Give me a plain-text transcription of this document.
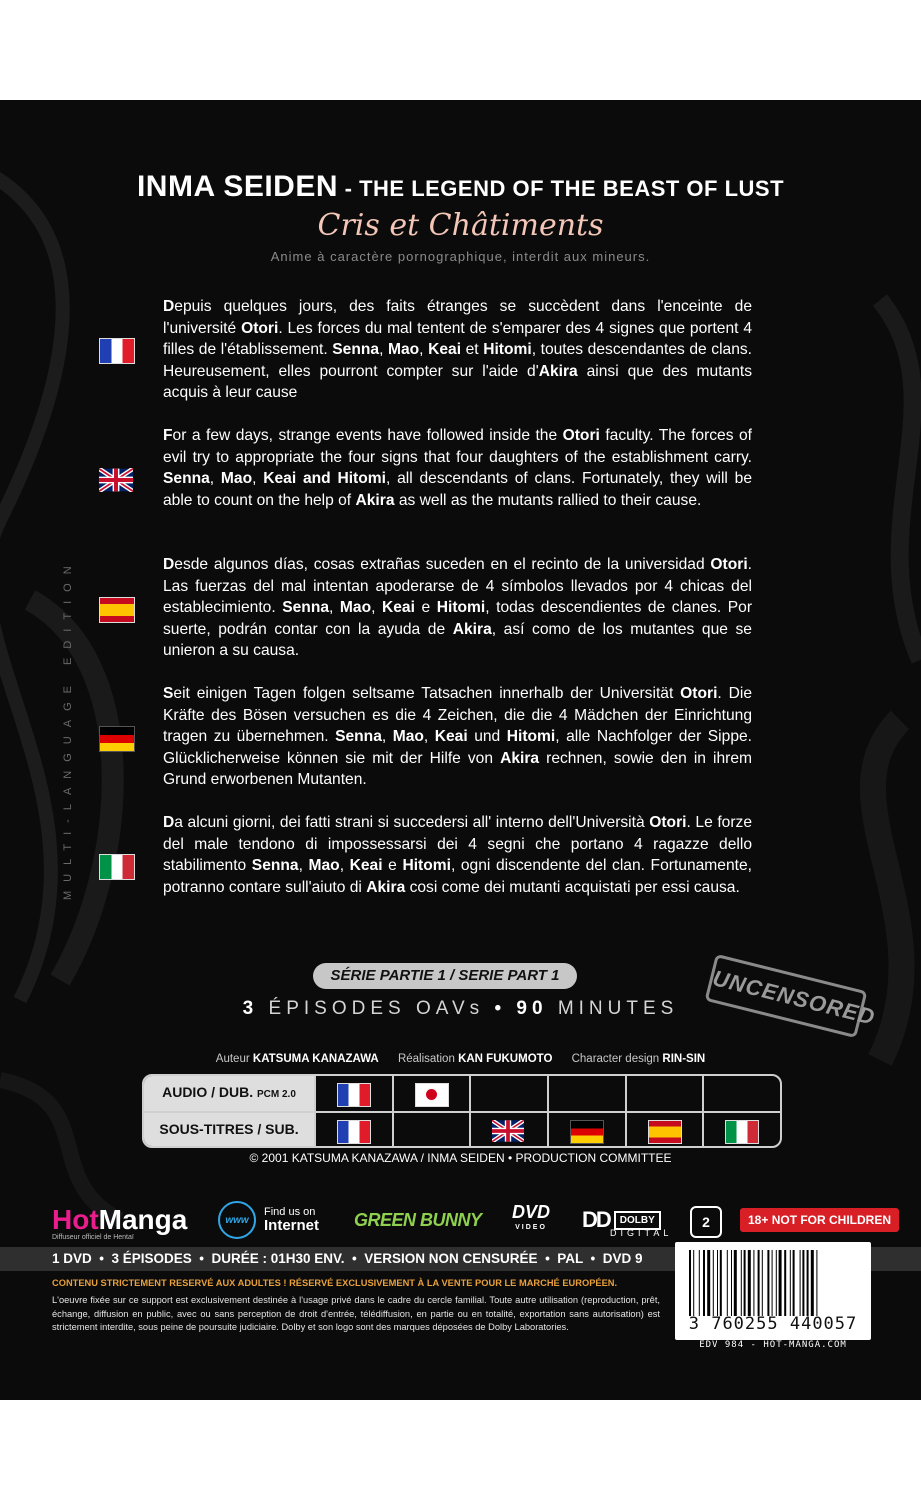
MULTI-LANGUAGE EDITION
INMA SEIDEN - THE LEGEND OF THE BEAST OF LUST
Cris et Châtiments
Anime à caractère pornographique, interdit aux mineurs.
Depuis quelques jours, des faits étranges se succèdent dans l'enceinte de l'université Otori. Les forces du mal tentent de s'emparer des 4 signes que portent 4 filles de l'établissement. Senna, Mao, Keai et Hitomi, toutes descendantes de clans. Heureusement, elles pourront compter sur l'aide d'Akira ainsi que des mutants acquis à leur cause
For a few days, strange events have followed inside the Otori faculty. The forces of evil try to appropriate the four signs that four daughters of the establishment carry. Senna, Mao, Keai and Hitomi, all descendants of clans. Fortunately, they will be able to count on the help of Akira as well as the mutants rallied to their cause.
Desde algunos días, cosas extrañas suceden en el recinto de la universidad Otori. Las fuerzas del mal intentan apoderarse de 4 símbolos llevados por 4 chicas del establecimiento. Senna, Mao, Keai e Hitomi, todas descendientes de clanes. Por suerte, podrán contar con la ayuda de Akira, así como de los mutantes que se unieron a su causa.
Seit einigen Tagen folgen seltsame Tatsachen innerhalb der Universität Otori. Die Kräfte des Bösen versuchen es die 4 Zeichen, die die 4 Mädchen der Einrichtung tragen zu übernehmen. Senna, Mao, Keai und Hitomi, alle Nachfolger der Sippe. Glücklicherweise können sie mit der Hilfe von Akira rechnen, sowie den in ihrem Grund erworbenen Mutanten.
Da alcuni giorni, dei fatti strani si succedersi all' interno dell'Università Otori. Le forze del male tendono di impossessarsi dei 4 segni che portano 4 ragazze dello stabilimento Senna, Mao, Keai e Hitomi, ogni discendente del clan. Fortunamente, potranno contare sull'aiuto di Akira cosi come dei mutanti acquistati per essi causa.
SÉRIE PARTIE 1 / SERIE PART 1	UNCENSORED
3 ÉPISODES OAVs • 90 MINUTES
Auteur KATSUMA KANAZAWA Réalisation KAN FUKUMOTO Character design RIN-SIN
AUDIO / DUB. PCM 2.0
SOUS-TITRES / SUB.
© 2001 KATSUMA KANAZAWA / INMA SEIDEN • PRODUCTION COMMITTEE
Hot Manga
Diffuseur officiel de Hentaï
www
Find us on
Internet GREEN BUNNY DVD
VIDEO DD	DOLBY
DIGITAL
2	18+ NOT FOR CHILDREN
1 DVD  •  3 ÉPISODES  •  DURÉE : 01H30 ENV.  •  VERSION NON CENSURÉE  •  PAL  •  DVD 9
CONTENU STRICTEMENT RESERVÉ AUX ADULTES ! RÉSERVÉ EXCLUSIVEMENT À LA VENTE POUR LE MARCHÉ EUROPÉEN.
L'oeuvre fixée sur ce support est exclusivement destinée à l'usage privé dans le cadre du cercle familial. Toute autre utilisation (reproduction, prêt, échange, diffusion en public, avec ou sans perception de droit d'entrée, télédiffusion, en partie ou en totalité, exportation sans autorisation) est strictement interdite, sous peine de poursuite judiciaire. Dolby et son logo sont des marques déposées de Dolby Laboratories.	3 760255 440057
EDV 984 - HOT-MANGA.COM
